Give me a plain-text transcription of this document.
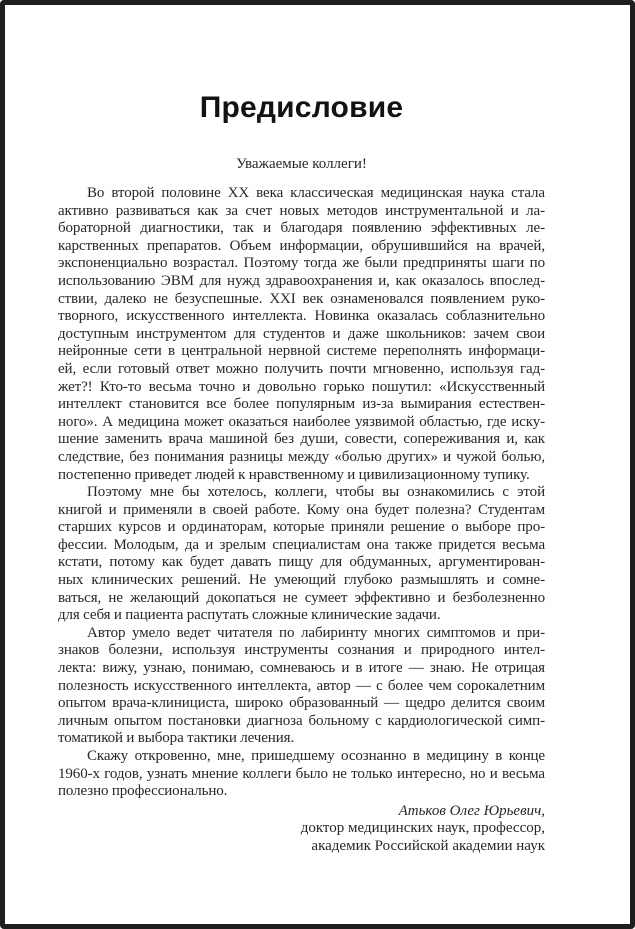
Предисловие
Уважаемые коллеги!
Во второй половине XX века классическая медицинская наука стала
активно развиваться как за счет новых методов инструментальной и ла-
бораторной диагностики, так и благодаря появлению эффективных ле-
карственных препаратов. Объем информации, обрушившийся на врачей,
экспоненциально возрастал. Поэтому тогда же были предприняты шаги по
использованию ЭВМ для нужд здравоохранения и, как оказалось впослед-
ствии, далеко не безуспешные. XXI век ознаменовался появлением руко-
творного, искусственного интеллекта. Новинка оказалась соблазнительно
доступным инструментом для студентов и даже школьников: зачем свои
нейронные сети в центральной нервной системе переполнять информаци-
ей, если готовый ответ можно получить почти мгновенно, используя гад-
жет?! Кто-то весьма точно и довольно горько пошутил: «Искусственный
интеллект становится все более популярным из-за вымирания естествен-
ного». А медицина может оказаться наиболее уязвимой областью, где иску-
шение заменить врача машиной без души, совести, сопереживания и, как
следствие, без понимания разницы между «болью других» и чужой болью,
постепенно приведет людей к нравственному и цивилизационному тупику.
Поэтому мне бы хотелось, коллеги, чтобы вы ознакомились с этой
книгой и применяли в своей работе. Кому она будет полезна? Студентам
старших курсов и ординаторам, которые приняли решение о выборе про-
фессии. Молодым, да и зрелым специалистам она также придется весьма
кстати, потому как будет давать пищу для обдуманных, аргументирован-
ных клинических решений. Не умеющий глубоко размышлять и сомне-
ваться, не желающий докопаться не сумеет эффективно и безболезненно
для себя и пациента распутать сложные клинические задачи.
Автор умело ведет читателя по лабиринту многих симптомов и при-
знаков болезни, используя инструменты сознания и природного интел-
лекта: вижу, узнаю, понимаю, сомневаюсь и в итоге — знаю. Не отрицая
полезность искусственного интеллекта, автор — с более чем сорокалетним
опытом врача-клинициста, широко образованный — щедро делится своим
личным опытом постановки диагноза больному с кардиологической симп-
томатикой и выбора тактики лечения.
Скажу откровенно, мне, пришедшему осознанно в медицину в конце
1960-х годов, узнать мнение коллеги было не только интересно, но и весьма
полезно профессионально.
Атьков Олег Юрьевич,
доктор медицинских наук, профессор,
академик Российской академии наук
